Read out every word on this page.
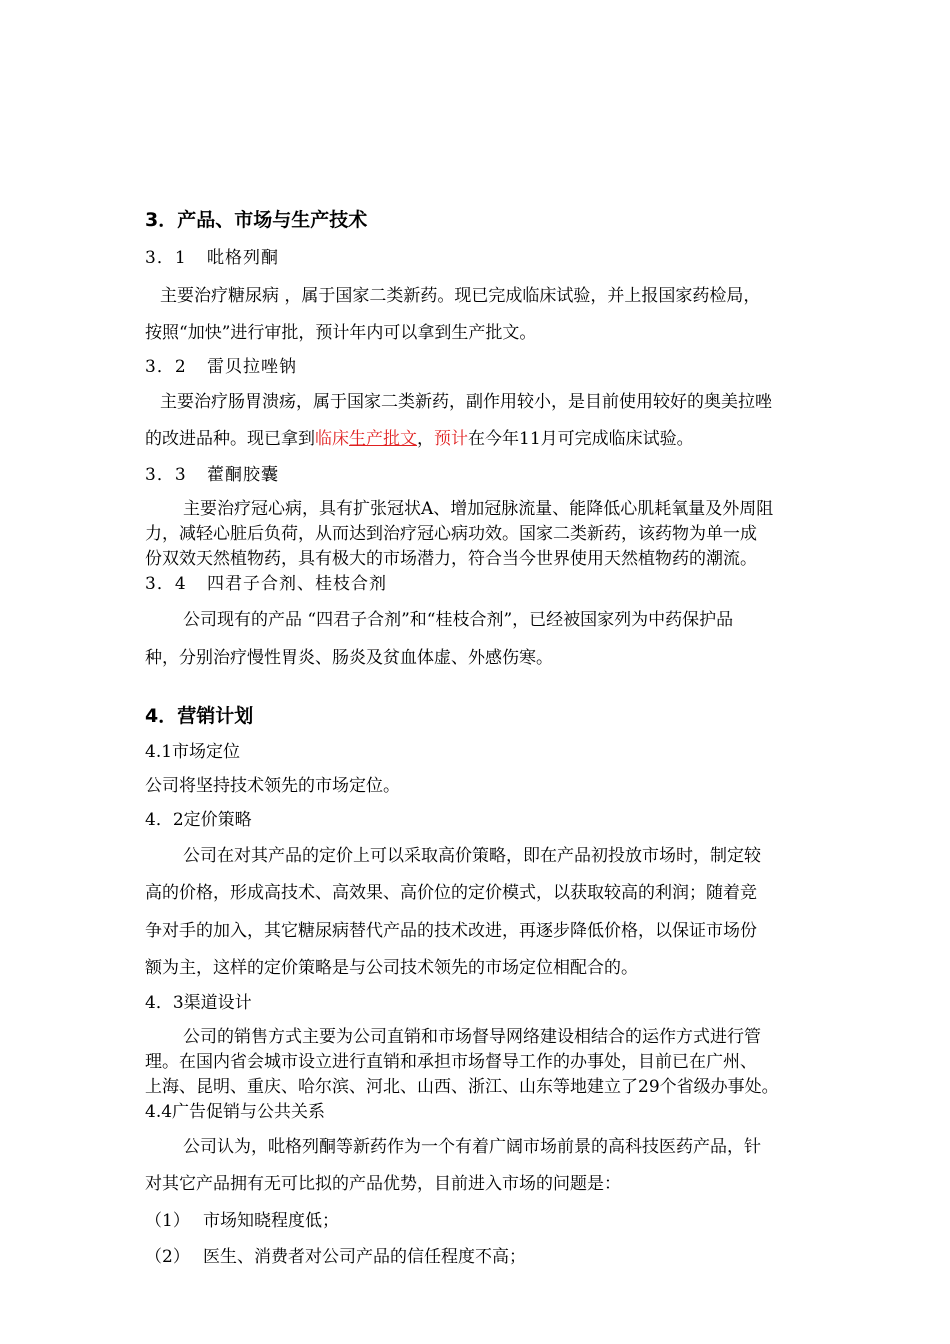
3．产品、市场与生产技术
3．1 吡格列酮
主要治疗糖尿病 ，属于国家二类新药。现已完成临床试验，并上报国家药检局，
按照“加快”进行审批，预计年内可以拿到生产批文。
3．2 雷贝拉唑钠
主要治疗肠胃溃疡，属于国家二类新药，副作用较小，是目前使用较好的奥美拉唑
的改进品种。现已拿到临床生产批文，预计在今年11月可完成临床试验。
3．3 藿酮胶囊
主要治疗冠心病，具有扩张冠状A、增加冠脉流量、能降低心肌耗氧量及外周阻
力，减轻心脏后负荷，从而达到治疗冠心病功效。国家二类新药，该药物为单一成
份双效天然植物药，具有极大的市场潜力，符合当今世界使用天然植物药的潮流。
3．4 四君子合剂、桂枝合剂
公司现有的产品 “四君子合剂”和“桂枝合剂”，已经被国家列为中药保护品
种，分别治疗慢性胃炎、肠炎及贫血体虚、外感伤寒。
4．营销计划
4.1市场定位
公司将坚持技术领先的市场定位。
4．2定价策略
公司在对其产品的定价上可以采取高价策略，即在产品初投放市场时，制定较
高的价格，形成高技术、高效果、高价位的定价模式，以获取较高的利润；随着竞
争对手的加入，其它糖尿病替代产品的技术改进，再逐步降低价格，以保证市场份
额为主，这样的定价策略是与公司技术领先的市场定位相配合的。
4．3渠道设计
公司的销售方式主要为公司直销和市场督导网络建设相结合的运作方式进行管
理。在国内省会城市设立进行直销和承担市场督导工作的办事处，目前已在广州、
上海、昆明、重庆、哈尔滨、河北、山西、浙江、山东等地建立了29个省级办事处。
4.4广告促销与公共关系
公司认为，吡格列酮等新药作为一个有着广阔市场前景的高科技医药产品，针
对其它产品拥有无可比拟的产品优势，目前进入市场的问题是：
（1） 市场知晓程度低；
（2） 医生、消费者对公司产品的信任程度不高；
